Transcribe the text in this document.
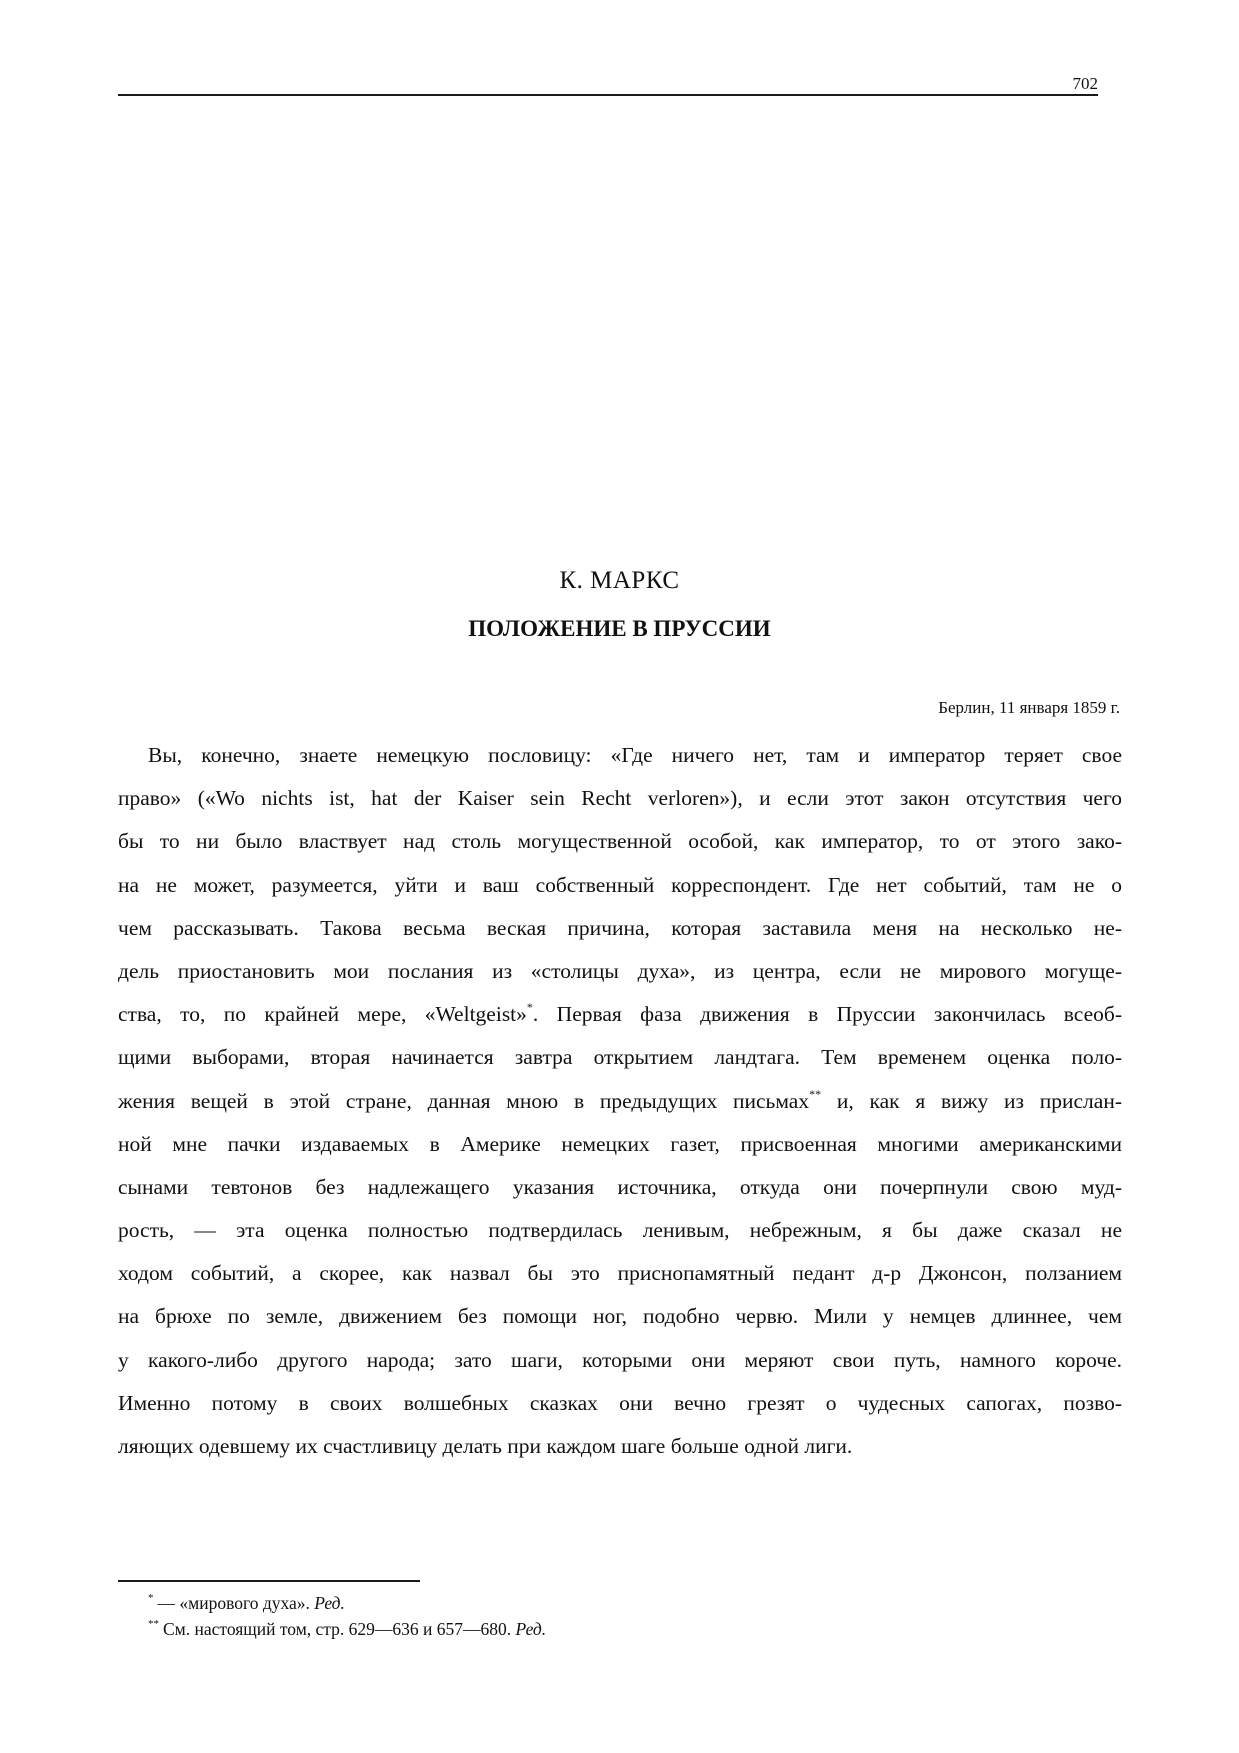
702
К. МАРКС
ПОЛОЖЕНИЕ В ПРУССИИ
Берлин, 11 января 1859 г.
Вы, конечно, знаете немецкую пословицу: «Где ничего нет, там и император теряет свое
право» («Wo nichts ist, hat der Kaiser sein Recht verloren»), и если этот закон отсутствия чего
бы то ни было властвует над столь могущественной особой, как император, то от этого зако-
на не может, разумеется, уйти и ваш собственный корреспондент. Где нет событий, там не о
чем рассказывать. Такова весьма веская причина, которая заставила меня на несколько не-
дель приостановить мои послания из «столицы духа», из центра, если не мирового могуще-
ства, то, по крайней мере, «Weltgeist»*. Первая фаза движения в Пруссии закончилась всеоб-
щими выборами, вторая начинается завтра открытием ландтага. Тем временем оценка поло-
жения вещей в этой стране, данная мною в предыдущих письмах** и, как я вижу из прислан-
ной мне пачки издаваемых в Америке немецких газет, присвоенная многими американскими
сынами тевтонов без надлежащего указания источника, откуда они почерпнули свою муд-
рость, — эта оценка полностью подтвердилась ленивым, небрежным, я бы даже сказал не
ходом событий, а скорее, как назвал бы это приснопамятный педант д-р Джонсон, ползанием
на брюхе по земле, движением без помощи ног, подобно червю. Мили у немцев длиннее, чем
у какого-либо другого народа; зато шаги, которыми они меряют свои путь, намного короче.
Именно потому в своих волшебных сказках они вечно грезят о чудесных сапогах, позво-
ляющих одевшему их счастливицу делать при каждом шаге больше одной лиги.
* — «мирового духа». Ред.
** См. настоящий том, стр. 629—636 и 657—680. Ред.
